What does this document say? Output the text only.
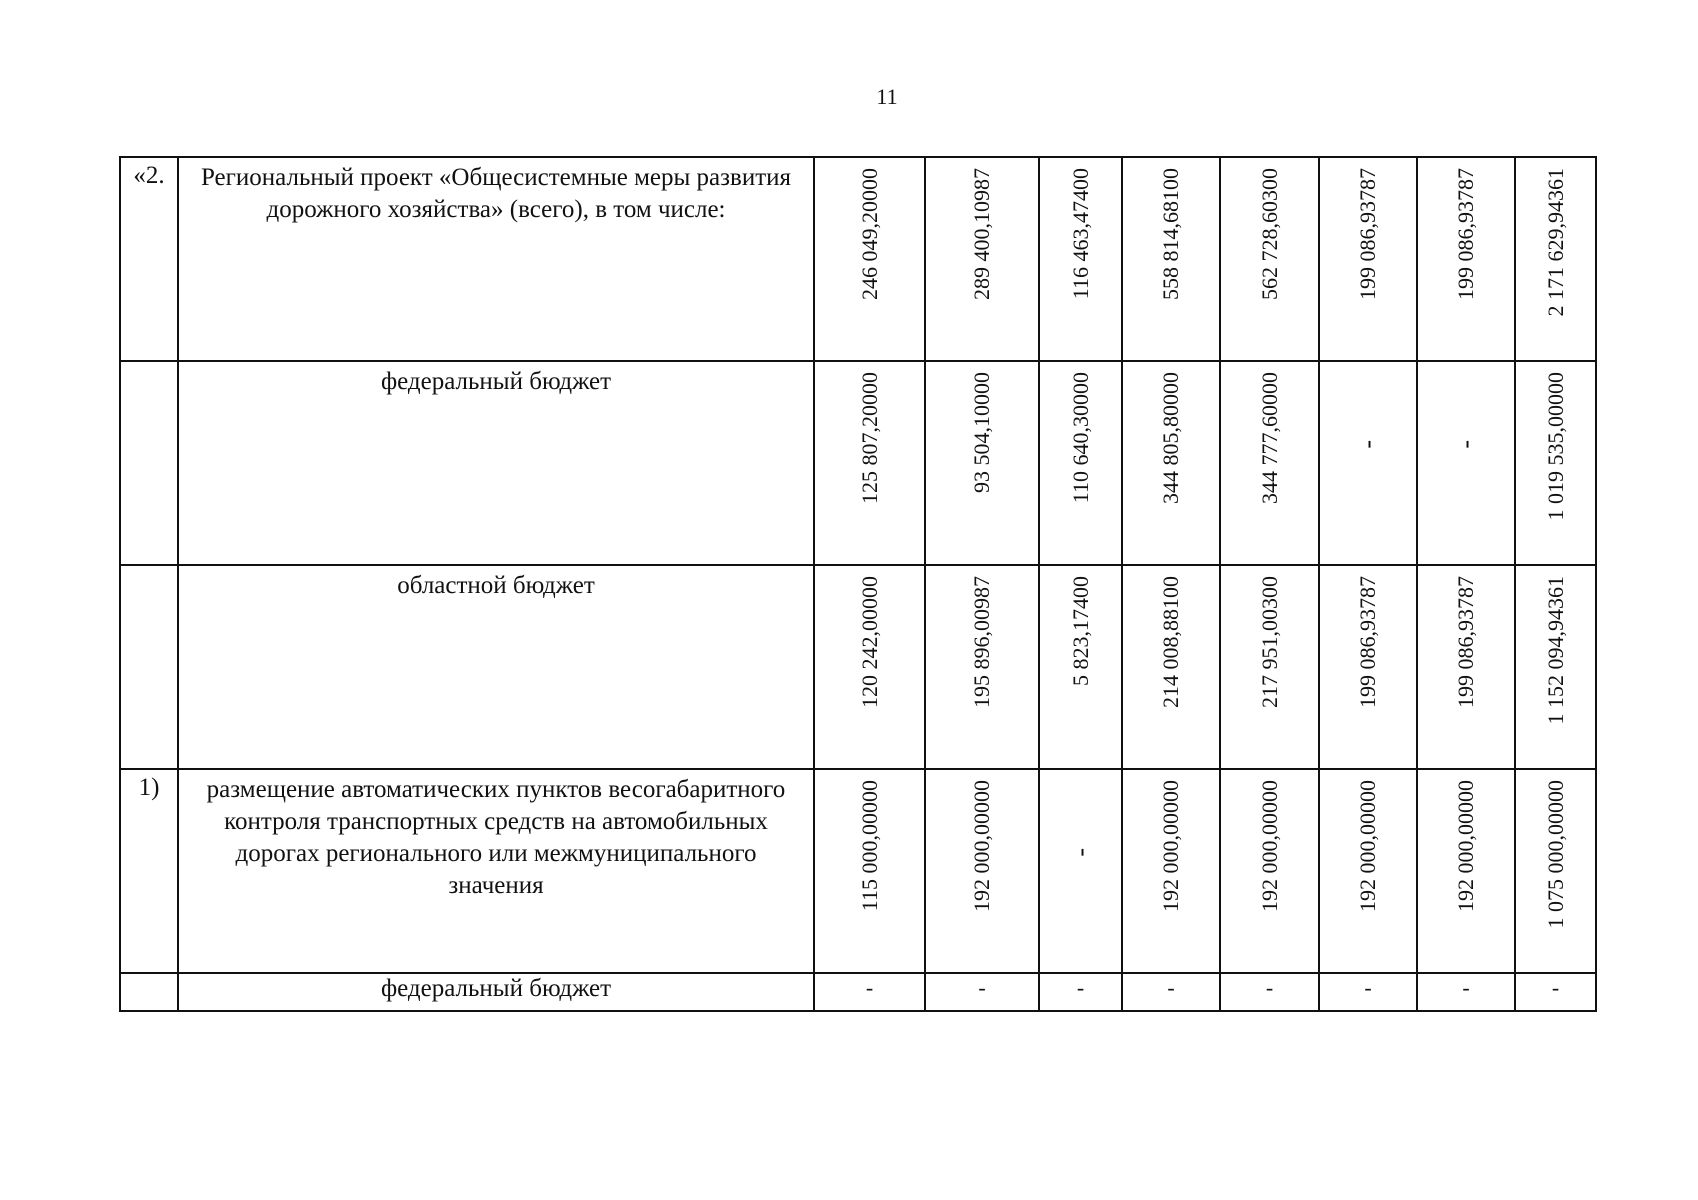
11
«2.	Региональный проект «Общесистемные меры развития дорожного хозяйства» (всего), в том числе:	246 049,20000	289 400,10987	116 463,47400	558 814,68100	562 728,60300	199 086,93787	199 086,93787	2 171 629,94361

	федеральный бюджет	125 807,20000	93 504,10000	110 640,30000	344 805,80000	344 777,60000	-	-	1 019 535,00000

	областной бюджет	120 242,00000	195 896,00987	5 823,17400	214 008,88100	217 951,00300	199 086,93787	199 086,93787	1 152 094,94361

1)	размещение автоматических пунктов весогабаритного контроля транспортных средств на автомобильных дорогах регионального или межмуниципального значения	115 000,00000	192 000,00000	-	192 000,00000	192 000,00000	192 000,00000	192 000,00000	1 075 000,00000

	федеральный бюджет	-	-	-	-	-	-	-	-
